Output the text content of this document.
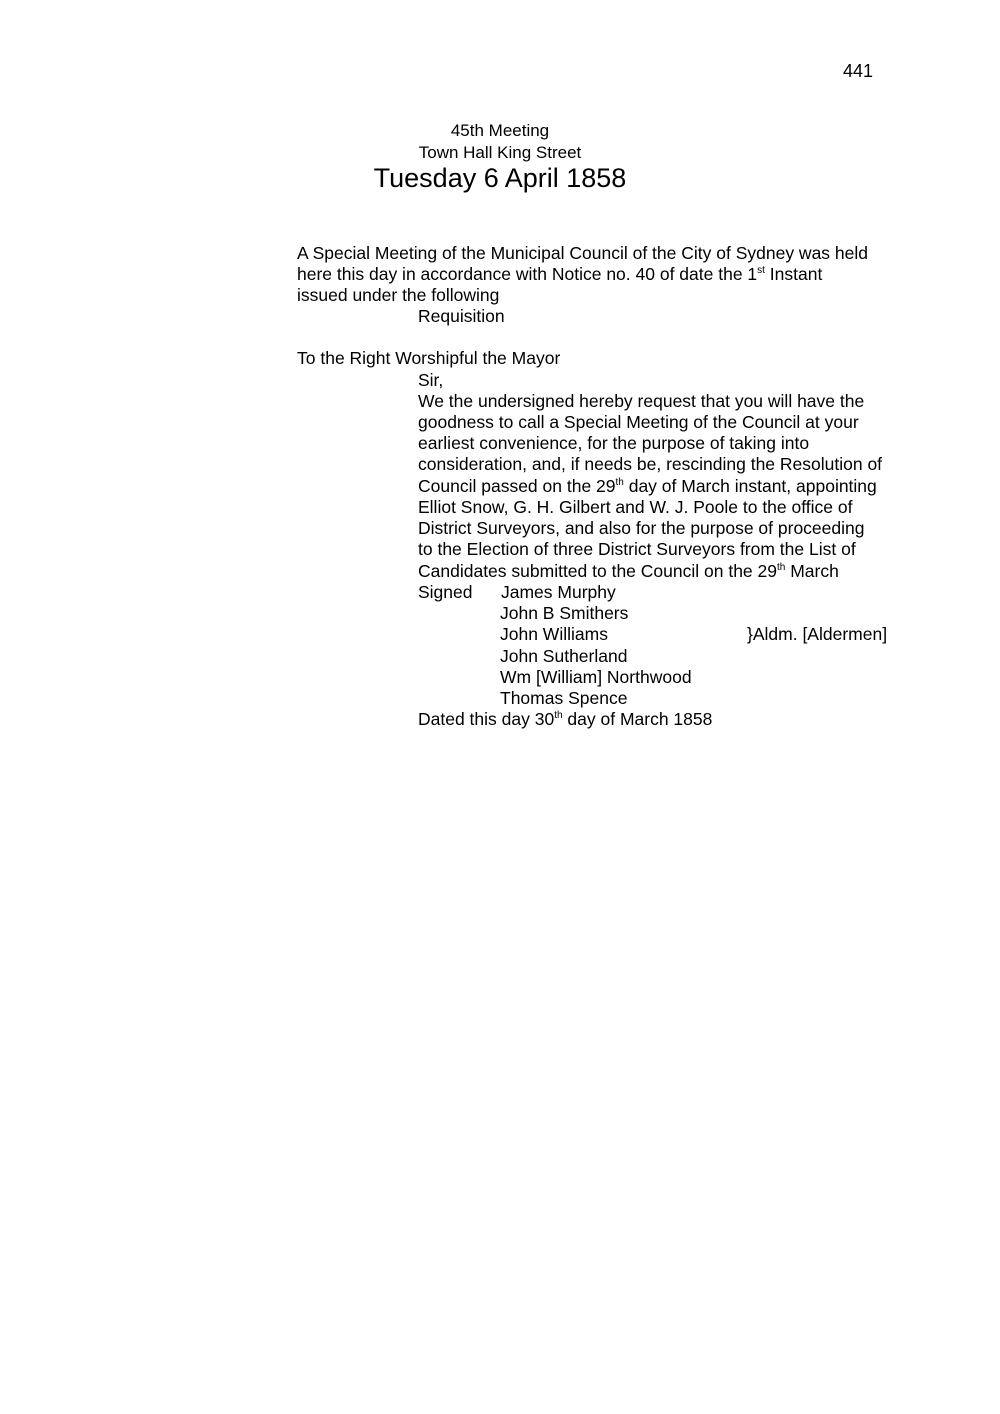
441
45th Meeting
Town Hall King Street
Tuesday 6 April 1858
A Special Meeting of the Municipal Council of the City of Sydney was held
here this day in accordance with Notice no. 40 of date the 1st Instant
issued under the following
Requisition
To the Right Worshipful the Mayor
Sir,
We the undersigned hereby request that you will have the
goodness to call a Special Meeting of the Council at your
earliest convenience, for the purpose of taking into
consideration, and, if needs be, rescinding the Resolution of
Council passed on the 29th day of March instant, appointing
Elliot Snow, G. H. Gilbert and W. J. Poole to the office of
District Surveyors, and also for the purpose of proceeding
to the Election of three District Surveyors from the List of
Candidates submitted to the Council on the 29th March
Signed James Murphy
John B Smithers
John Williams	}Aldm. [Aldermen]
John Sutherland
Wm [William] Northwood
Thomas Spence
Dated this day 30th day of March 1858
